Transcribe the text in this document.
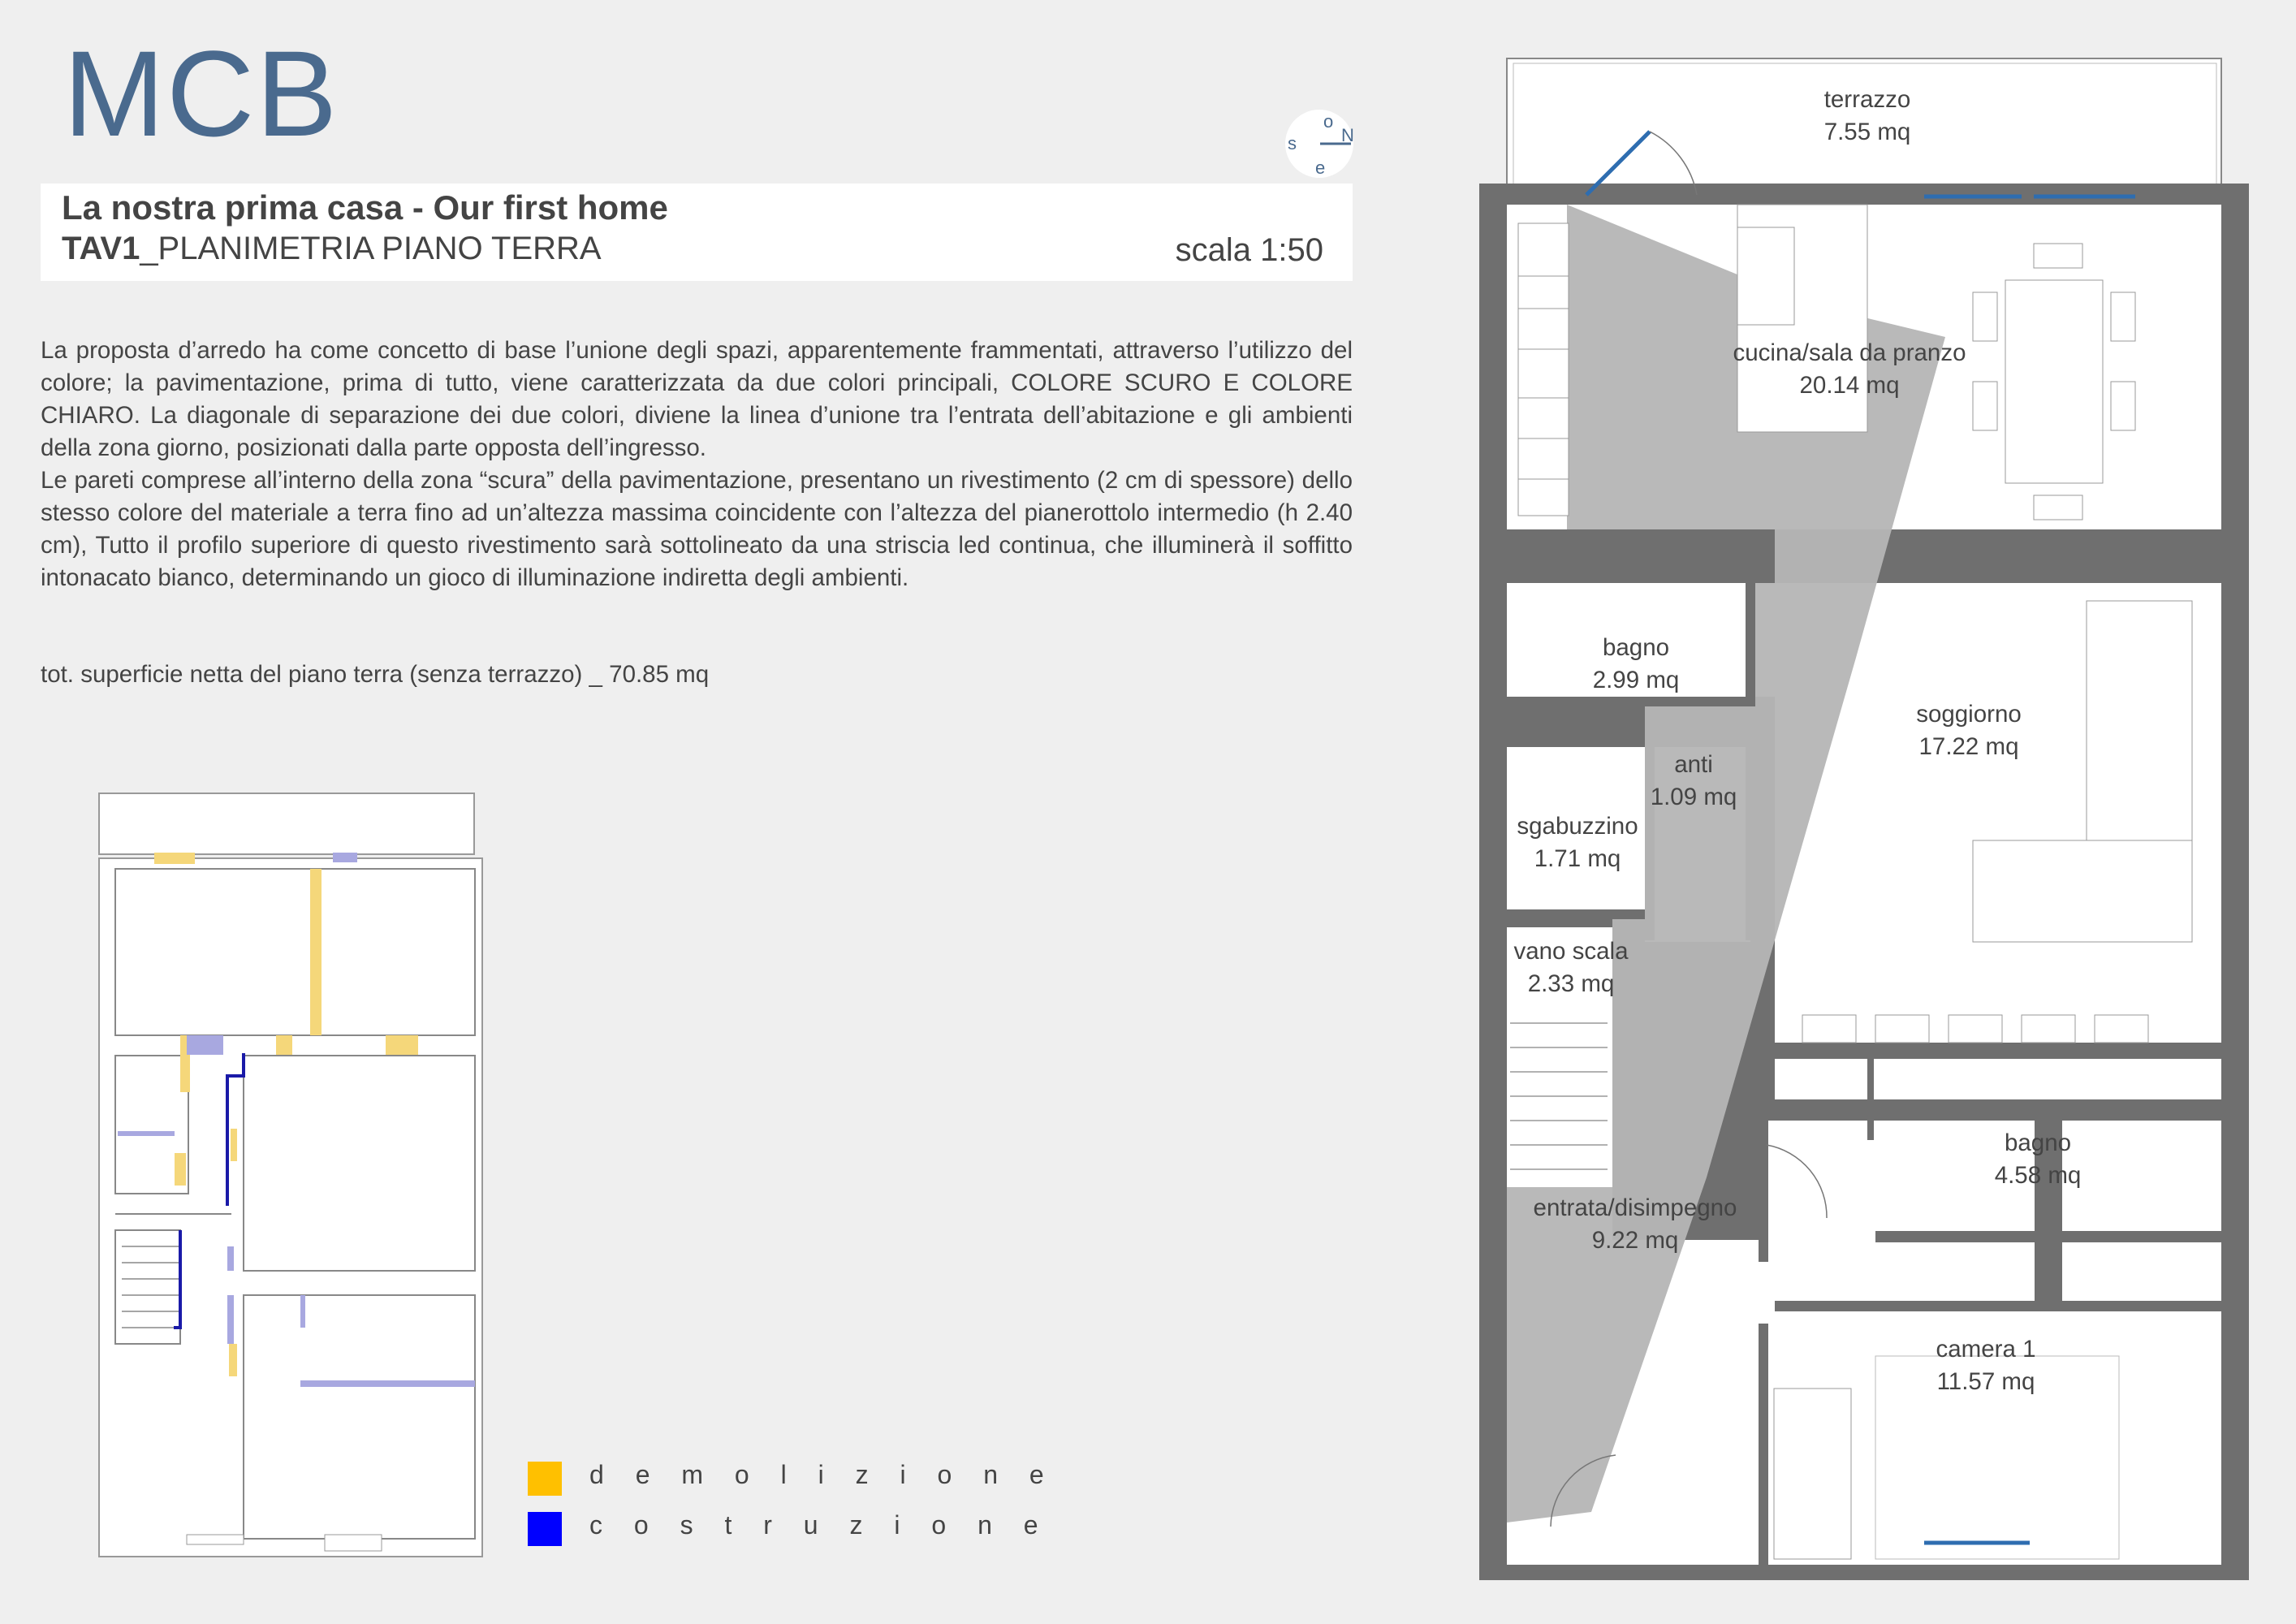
MCB	o
N
s
e
La nostra prima casa - Our first home
TAV1_PLANIMETRIA PIANO TERRA	scala 1:50

La proposta d’arredo ha come concetto di base l’unione degli spazi, apparentemente frammentati, attraverso l’utilizzo del colore; la pavimentazione, prima di tutto, viene caratterizzata da due colori principali, COLORE SCURO E COLORE CHIARO. La diagonale di separazione dei due colori, diviene la linea d’unione tra l’entrata dell’abitazione e gli ambienti della zona giorno, posizionati dalla parte opposta dell’ingresso.

Le pareti comprese all’interno della zona “scura” della pavimentazione, presentano un rivestimento (2 cm di spessore) dello stesso colore del materiale a terra fino ad un’altezza massima coincidente con l’altezza del pianerottolo intermedio (h 2.40 cm), Tutto il profilo superiore di questo rivestimento sarà sottolineato da una striscia led continua, che illuminerà il soffitto intonacato bianco, determinando un gioco di illuminazione indiretta degli ambienti.

tot. superficie netta del piano terra (senza terrazzo) _ 70.85 mq
d e m o l i z i o n e
c o s t r u z i o n e
terrazzo
7.55 mq
cucina/sala da pranzo
20.14 mq
bagno
2.99 mq
anti
1.09 mq
sgabuzzino
1.71 mq
soggiorno
17.22 mq
vano scala
2.33 mq
bagno
4.58 mq
entrata/disimpegno
9.22 mq
camera 1
11.57 mq
